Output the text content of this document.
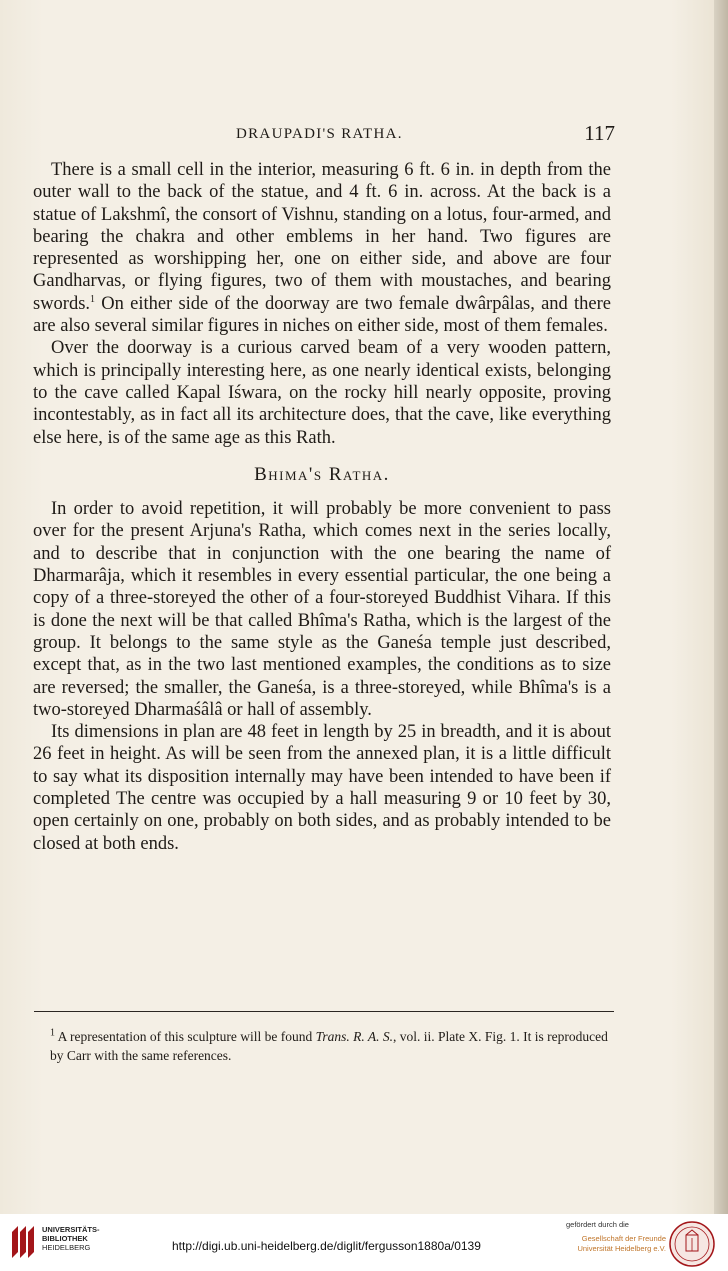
DRAUPADI'S RATHA.	117

There is a small cell in the interior, measuring 6 ft. 6 in. in depth from the outer wall to the back of the statue, and 4 ft. 6 in. across. At the back is a statue of Lakshmî, the consort of Vishnu, standing on a lotus, four-armed, and bearing the chakra and other emblems in her hand. Two figures are represented as worshipping her, one on either side, and above are four Gandharvas, or flying figures, two of them with moustaches, and bearing swords.$^1$ On either side of the doorway are two female dwârpâlas, and there are also several similar figures in niches on either side, most of them females.

Over the doorway is a curious carved beam of a very wooden pattern, which is principally interesting here, as one nearly identical exists, belonging to the cave called Kapal Iśwara, on the rocky hill nearly opposite, proving incontestably, as in fact all its architecture does, that the cave, like everything else here, is of the same age as this Rath.

Bhima's Ratha.

In order to avoid repetition, it will probably be more convenient to pass over for the present Arjuna's Ratha, which comes next in the series locally, and to describe that in conjunction with the one bearing the name of Dharmarâja, which it resembles in every essential particular, the one being a copy of a three-storeyed the other of a four-storeyed Buddhist Vihara. If this is done the next will be that called Bhîma's Ratha, which is the largest of the group. It belongs to the same style as the Ganeśa temple just described, except that, as in the two last mentioned examples, the conditions as to size are reversed; the smaller, the Ganeśa, is a three-storeyed, while Bhîma's is a two-storeyed Dharmaśâlâ or hall of assembly.

Its dimensions in plan are 48 feet in length by 25 in breadth, and it is about 26 feet in height. As will be seen from the annexed plan, it is a little difficult to say what its disposition internally may have been intended to have been if completed The centre was occupied by a hall measuring 9 or 10 feet by 30, open certainly on one, probably on both sides, and as probably intended to be closed at both ends.

$^1$ A representation of this sculpture will be found Trans. R. A. S., vol. ii. Plate X. Fig. 1. It is reproduced by Carr with the same references.
UNIVERSITÄTS-
BIBLIOTHEK
HEIDELBERG	http://digi.ub.uni-heidelberg.de/diglit/fergusson1880a/0139
gefördert durch die
Gesellschaft der Freunde
Universität Heidelberg e.V.
